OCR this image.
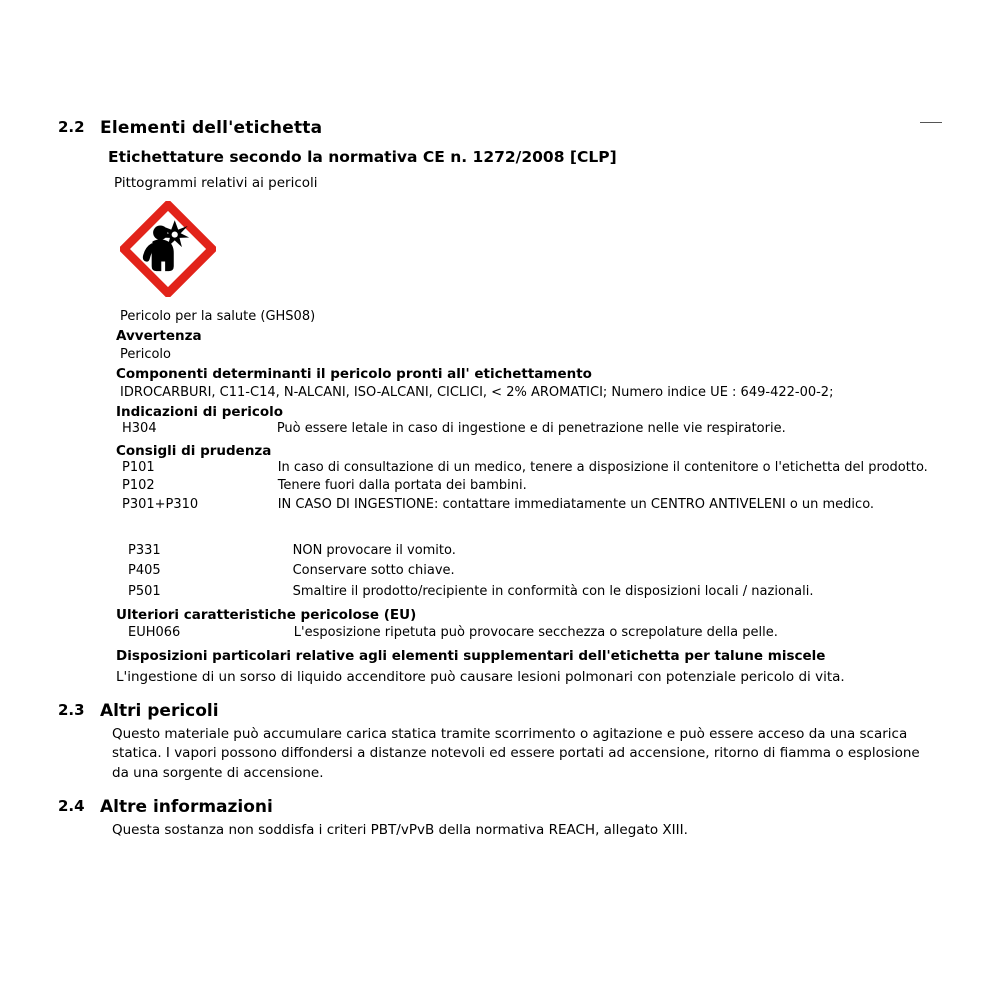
2.2 Elementi dell'etichetta
Etichettature secondo la normativa CE n. 1272/2008 [CLP]
Pittogrammi relativi ai pericoli
Pericolo per la salute (GHS08)
Avvertenza
Pericolo
Componenti determinanti il pericolo pronti all' etichettamento
IDROCARBURI, C11-C14, N-ALCANI, ISO-ALCANI, CICLICI, < 2% AROMATICI; Numero indice UE : 649-422-00-2;
Indicazioni di pericolo
H304	Può essere letale in caso di ingestione e di penetrazione nelle vie respiratorie.
Consigli di prudenza
P101	In caso di consultazione di un medico, tenere a disposizione il contenitore o l'etichetta del prodotto.
P102	Tenere fuori dalla portata dei bambini.
P301+P310	IN CASO DI INGESTIONE: contattare immediatamente un CENTRO ANTIVELENI o un medico.
P331	NON provocare il vomito.
P405	Conservare sotto chiave.
P501	Smaltire il prodotto/recipiente in conformità con le disposizioni locali / nazionali.
Ulteriori caratteristiche pericolose (EU)
EUH066	L'esposizione ripetuta può provocare secchezza o screpolature della pelle.
Disposizioni particolari relative agli elementi supplementari dell'etichetta per talune miscele
L'ingestione di un sorso di liquido accenditore può causare lesioni polmonari con potenziale pericolo di vita.
2.3 Altri pericoli
Questo materiale può accumulare carica statica tramite scorrimento o agitazione e può essere acceso da una scarica statica. I vapori possono diffondersi a distanze notevoli ed essere portati ad accensione, ritorno di fiamma o esplosione da una sorgente di accensione.
2.4 Altre informazioni
Questa sostanza non soddisfa i criteri PBT/vPvB della normativa REACH, allegato XIII.
